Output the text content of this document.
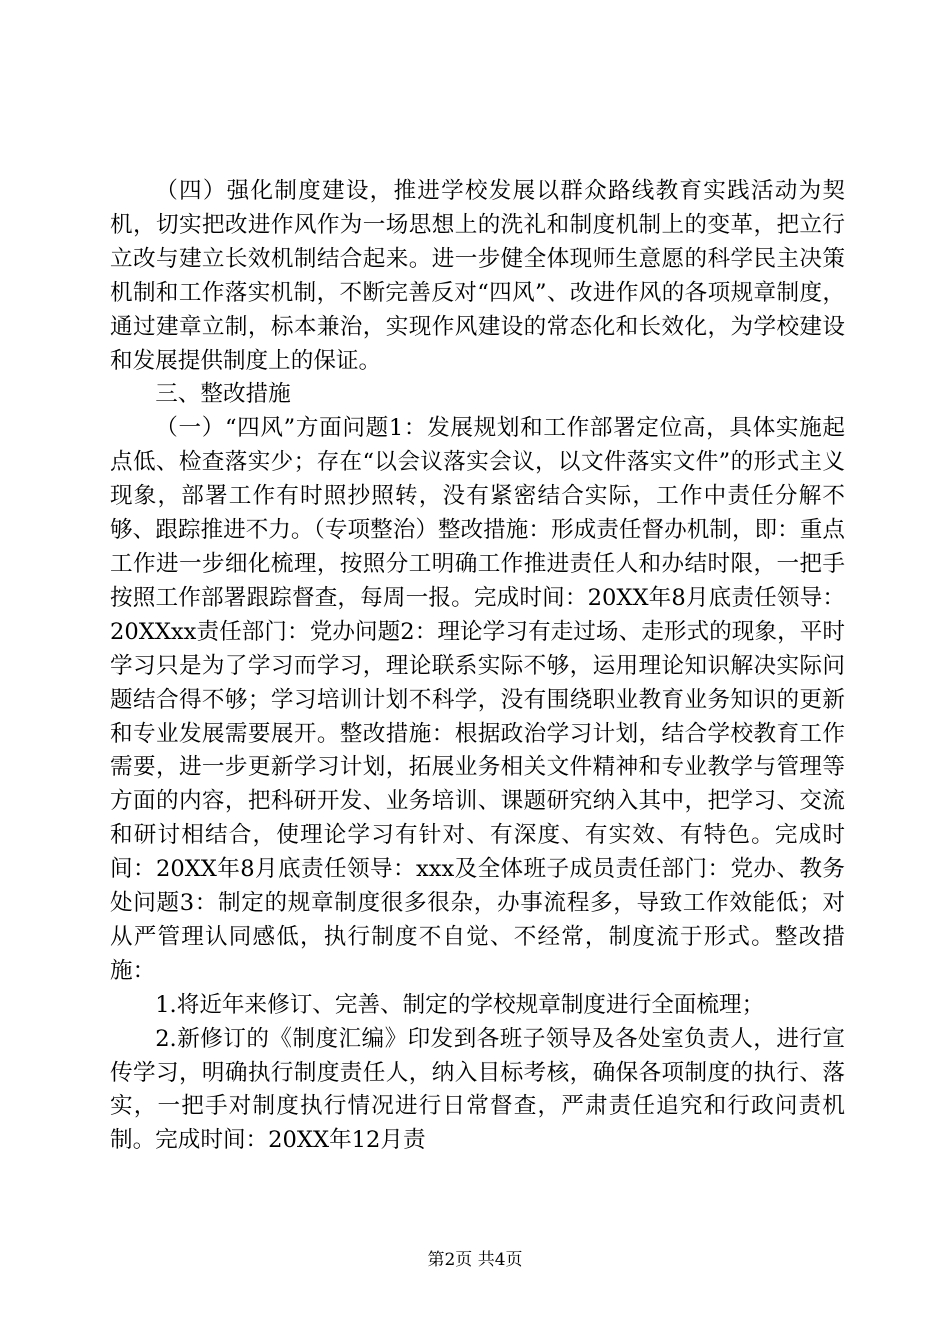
（四）强化制度建设，推进学校发展以群众路线教育实践活动为契机，切实把改进作风作为一场思想上的洗礼和制度机制上的变革，把立行立改与建立长效机制结合起来。进一步健全体现师生意愿的科学民主决策机制和工作落实机制，不断完善反对“四风”、改进作风的各项规章制度，通过建章立制，标本兼治，实现作风建设的常态化和长效化，为学校建设和发展提供制度上的保证。

三、整改措施

（一）“四风”方面问题1：发展规划和工作部署定位高，具体实施起点低、检查落实少；存在“以会议落实会议，以文件落实文件”的形式主义现象，部署工作有时照抄照转，没有紧密结合实际，工作中责任分解不够、跟踪推进不力。（专项整治）整改措施：形成责任督办机制，即：重点工作进一步细化梳理，按照分工明确工作推进责任人和办结时限，一把手按照工作部署跟踪督查，每周一报。完成时间：20XX年8月底责任领导：20XXxx责任部门：党办问题2：理论学习有走过场、走形式的现象，平时学习只是为了学习而学习，理论联系实际不够，运用理论知识解决实际问题结合得不够；学习培训计划不科学，没有围绕职业教育业务知识的更新和专业发展需要展开。整改措施：根据政治学习计划，结合学校教育工作需要，进一步更新学习计划，拓展业务相关文件精神和专业教学与管理等方面的内容，把科研开发、业务培训、课题研究纳入其中，把学习、交流和研讨相结合，使理论学习有针对、有深度、有实效、有特色。完成时间：20XX年8月底责任领导：xxx及全体班子成员责任部门：党办、教务处问题3：制定的规章制度很多很杂，办事流程多，导致工作效能低；对从严管理认同感低，执行制度不自觉、不经常，制度流于形式。整改措施：

1.将近年来修订、完善、制定的学校规章制度进行全面梳理；

2.新修订的《制度汇编》印发到各班子领导及各处室负责人，进行宣传学习，明确执行制度责任人，纳入目标考核，确保各项制度的执行、落实，一把手对制度执行情况进行日常督查，严肃责任追究和行政问责机制。完成时间：20XX年12月责

第2页 共4页
